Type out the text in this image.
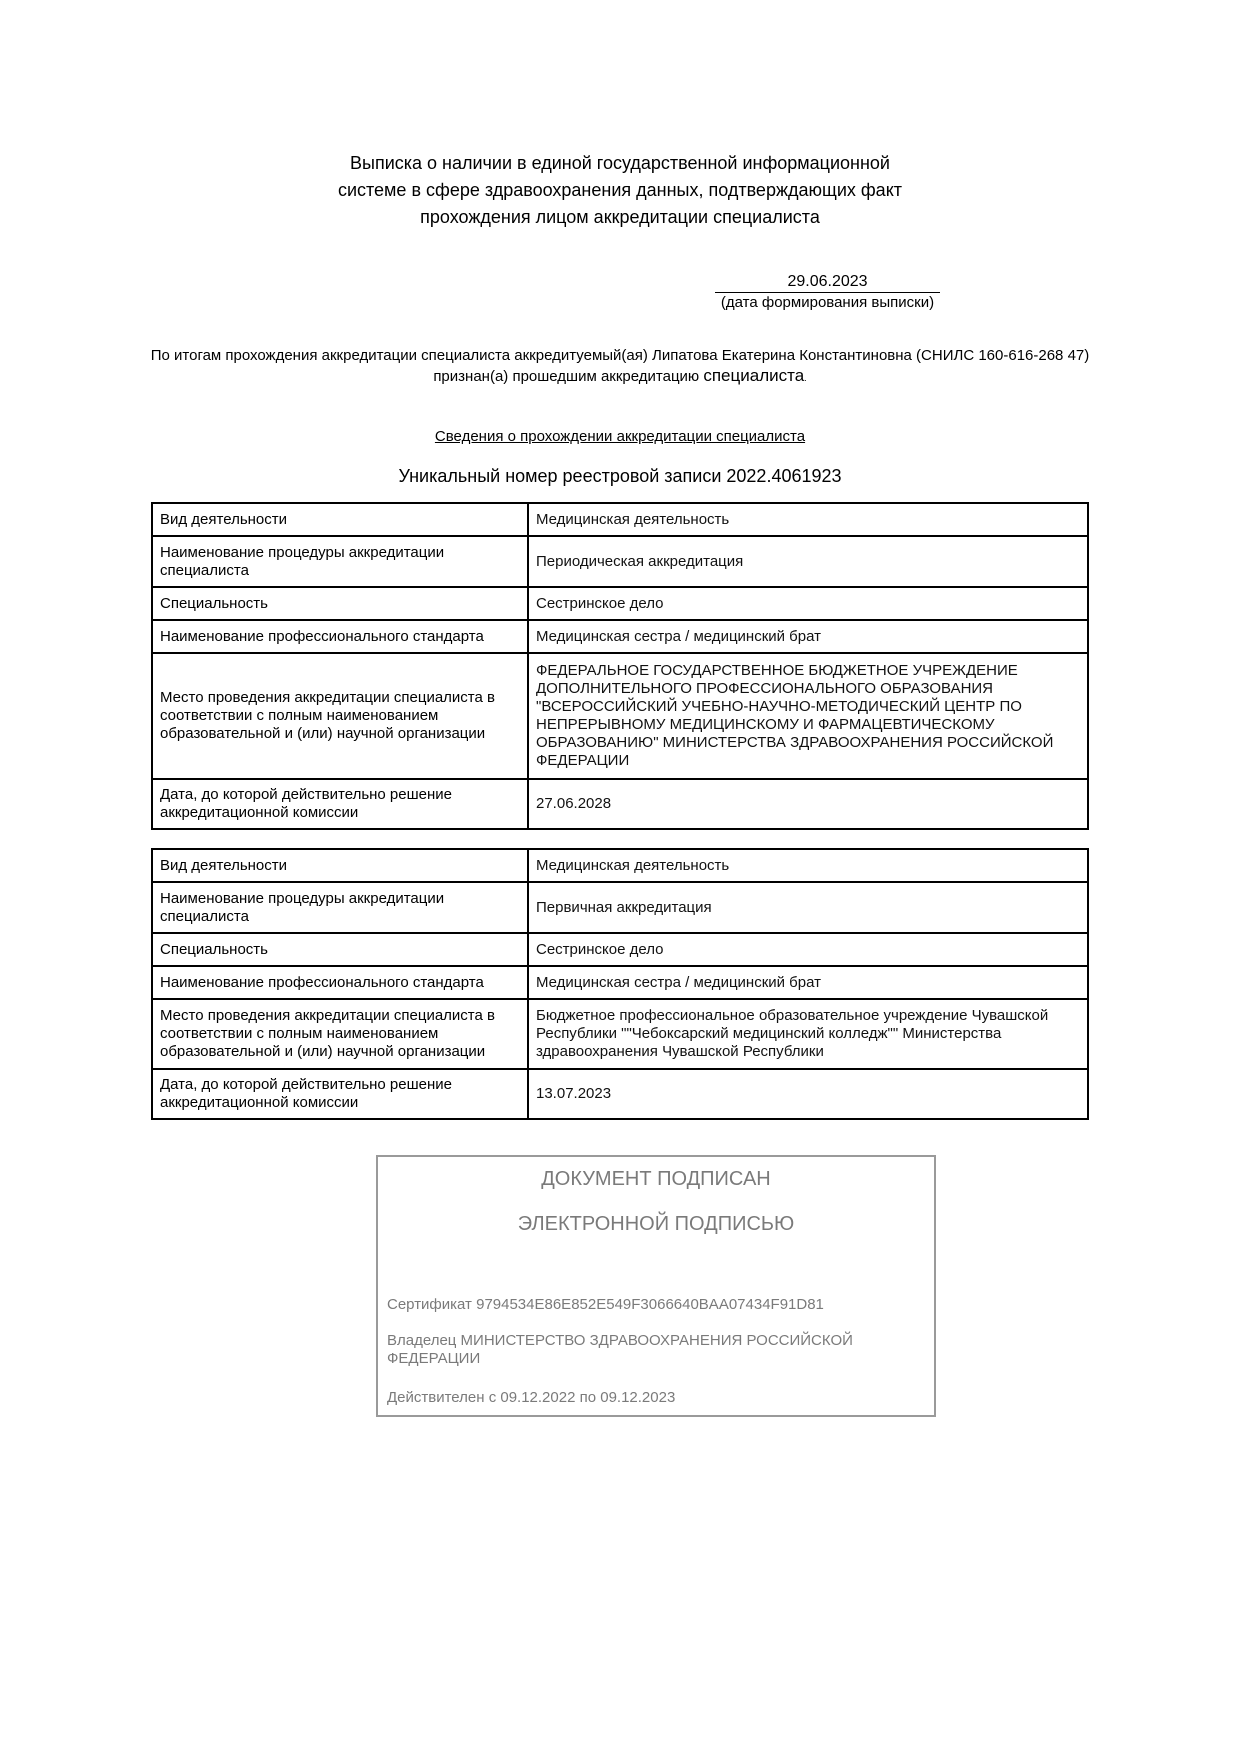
Выписка о наличии в единой государственной информационной
системе в сфере здравоохранения данных, подтверждающих факт
прохождения лицом аккредитации специалиста
29.06.2023
(дата формирования выписки)
По итогам прохождения аккредитации специалиста аккредитуемый(ая) Липатова Екатерина Константиновна (СНИЛС 160-616-268 47) признан(а) прошедшим аккредитацию специалиста.
Сведения о прохождении аккредитации специалиста
Уникальный номер реестровой записи 2022.4061923
Вид деятельности	Медицинская деятельность
Наименование процедуры аккредитации специалиста	Периодическая аккредитация
Специальность	Сестринское дело
Наименование профессионального стандарта	Медицинская сестра / медицинский брат
Место проведения аккредитации специалиста в соответствии с полным наименованием образовательной и (или) научной организации	ФЕДЕРАЛЬНОЕ ГОСУДАРСТВЕННОЕ БЮДЖЕТНОЕ УЧРЕЖДЕНИЕ ДОПОЛНИТЕЛЬНОГО ПРОФЕССИОНАЛЬНОГО ОБРАЗОВАНИЯ "ВСЕРОССИЙСКИЙ УЧЕБНО-НАУЧНО-МЕТОДИЧЕСКИЙ ЦЕНТР ПО НЕПРЕРЫВНОМУ МЕДИЦИНСКОМУ И ФАРМАЦЕВТИЧЕСКОМУ ОБРАЗОВАНИЮ" МИНИСТЕРСТВА ЗДРАВООХРАНЕНИЯ РОССИЙСКОЙ ФЕДЕРАЦИИ
Дата, до которой действительно решение аккредитационной комиссии	27.06.2028
Вид деятельности	Медицинская деятельность
Наименование процедуры аккредитации специалиста	Первичная аккредитация
Специальность	Сестринское дело
Наименование профессионального стандарта	Медицинская сестра / медицинский брат
Место проведения аккредитации специалиста в соответствии с полным наименованием образовательной и (или) научной организации	Бюджетное профессиональное образовательное учреждение Чувашской Республики ""Чебоксарский медицинский колледж"" Министерства здравоохранения Чувашской Республики
Дата, до которой действительно решение аккредитационной комиссии	13.07.2023
ДОКУМЕНТ ПОДПИСАН
ЭЛЕКТРОННОЙ ПОДПИСЬЮ
Сертификат 9794534E86E852E549F3066640BAA07434F91D81
Владелец МИНИСТЕРСТВО ЗДРАВООХРАНЕНИЯ РОССИЙСКОЙ ФЕДЕРАЦИИ
Действителен с 09.12.2022 по 09.12.2023
